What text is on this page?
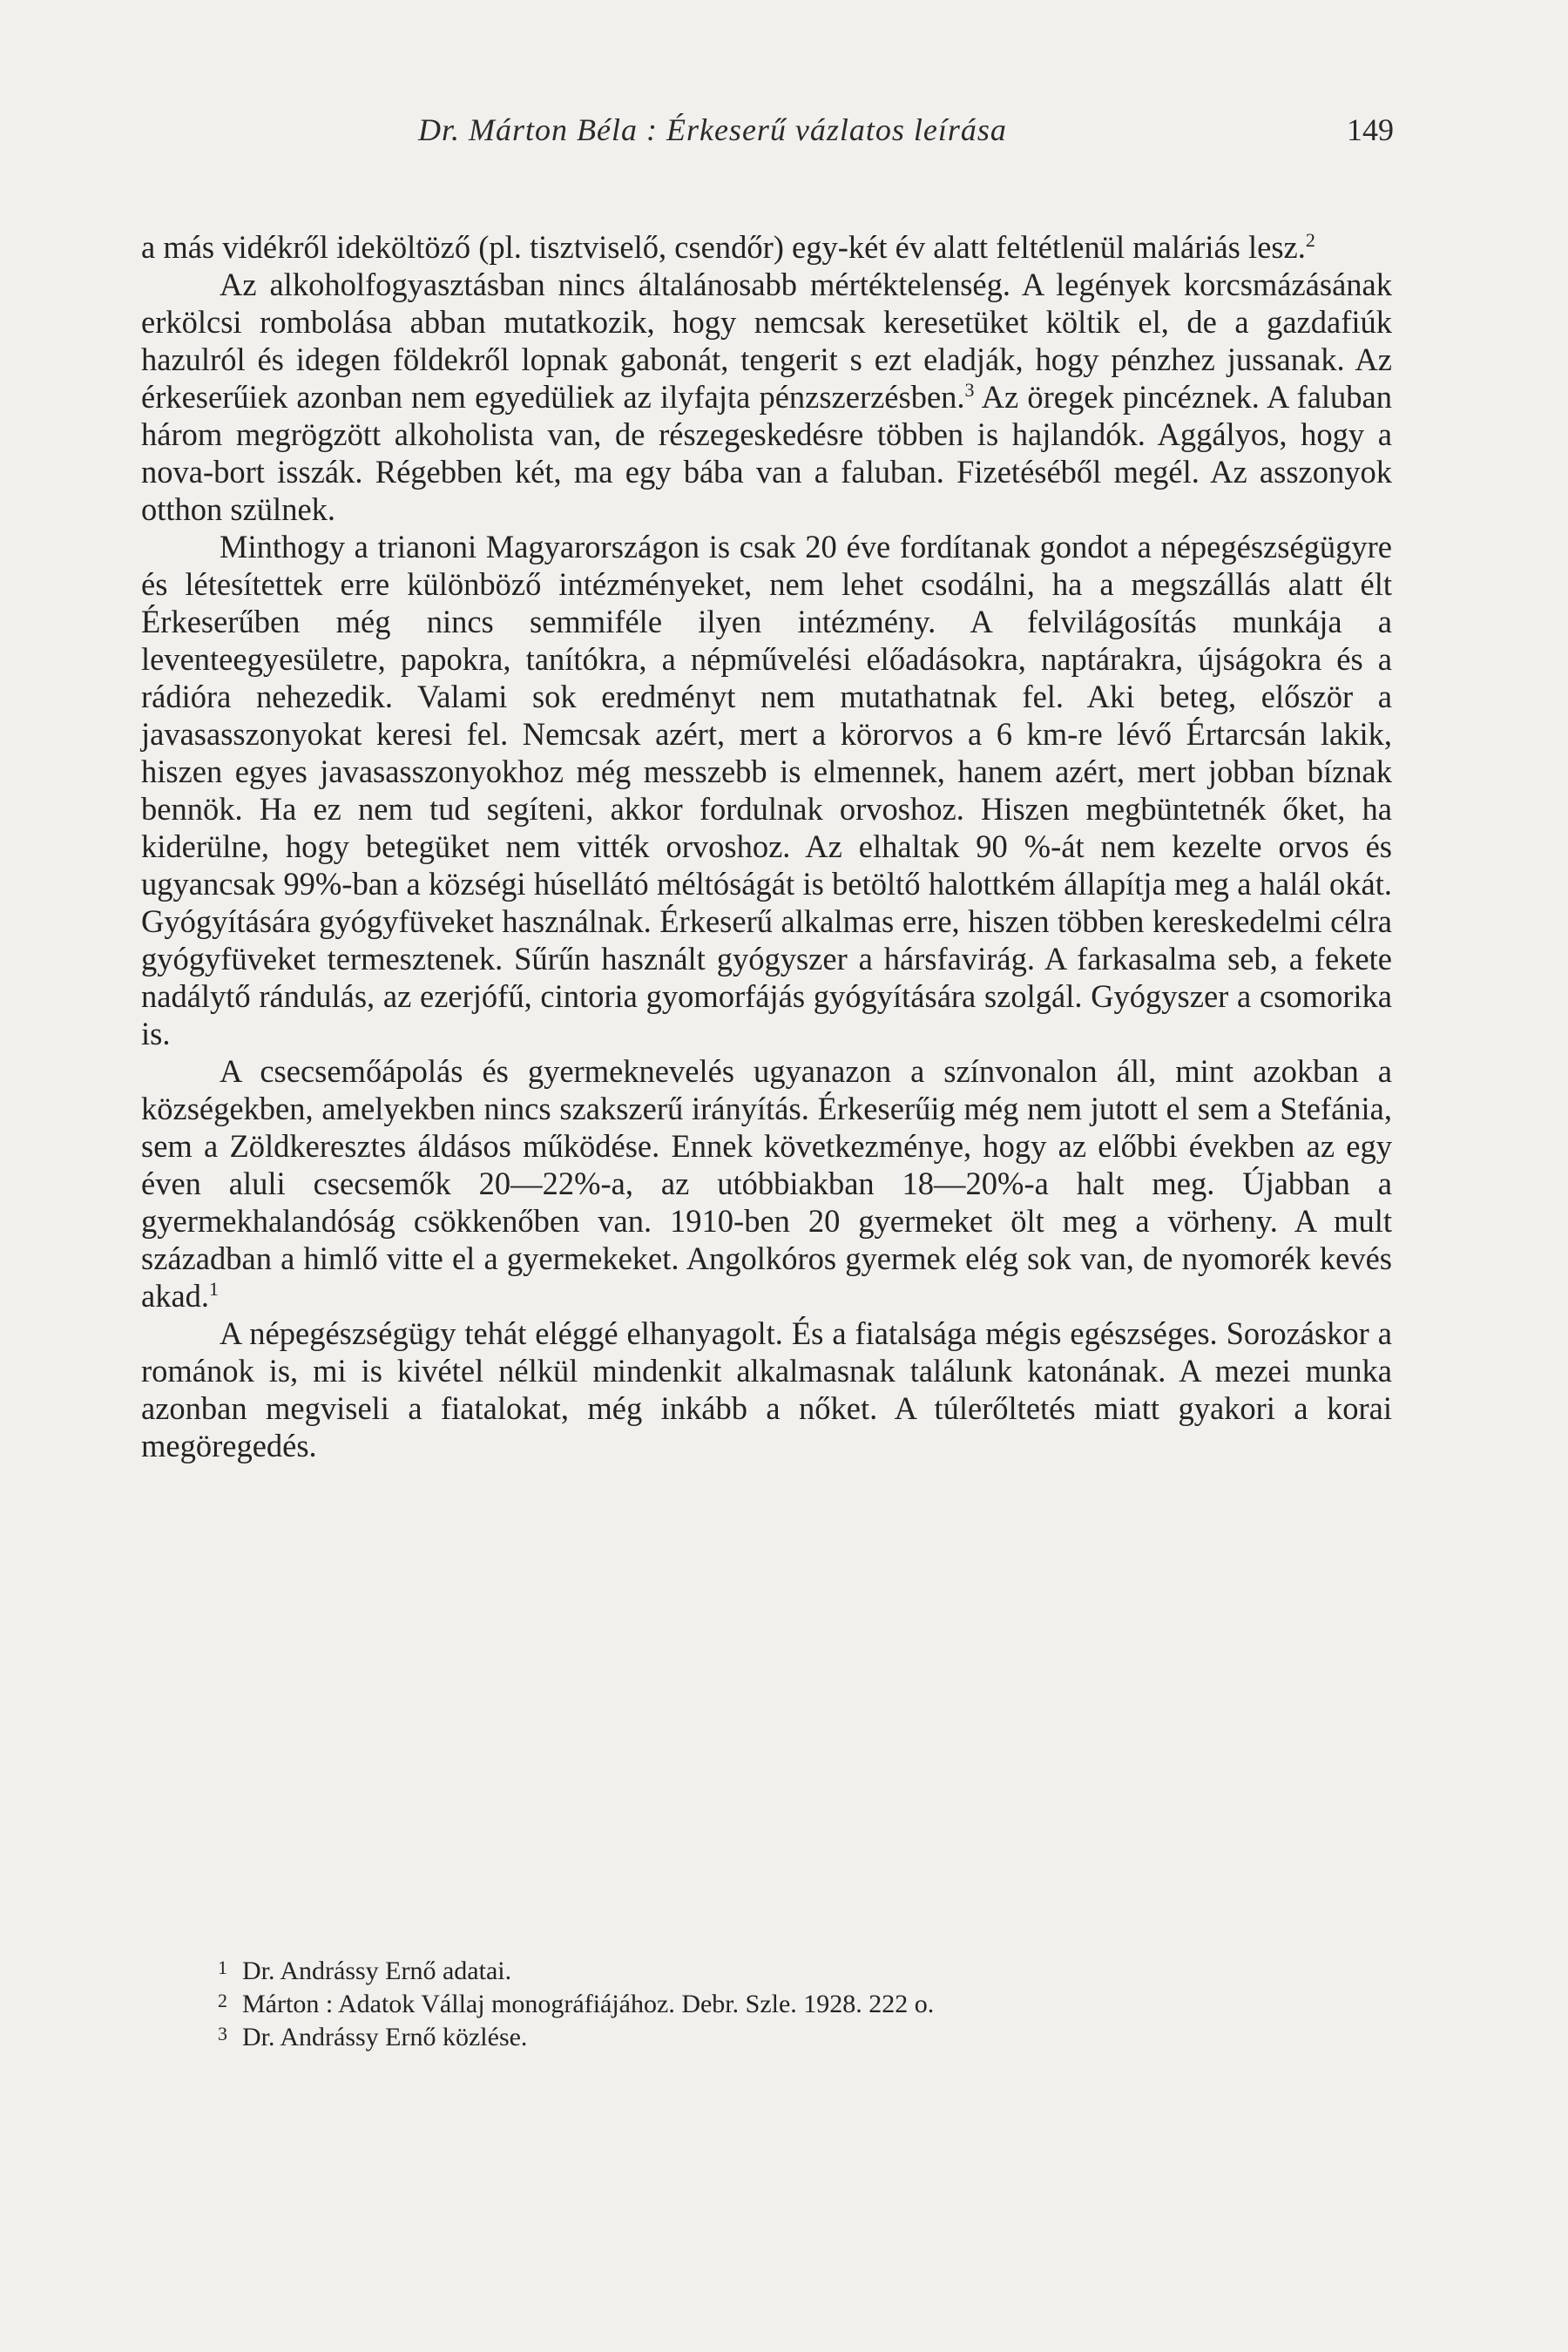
Dr. Márton Béla : Érkeserű vázlatos leírása	149

a más vidékről ideköltöző (pl. tisztviselő, csendőr) egy-két év alatt feltétlenül maláriás lesz.$^2$

Az alkoholfogyasztásban nincs általánosabb mértéktelenség. A legények korcsmázásának erkölcsi rombolása abban mutatkozik, hogy nemcsak keresetüket költik el, de a gazdafiúk hazulról és idegen földekről lopnak gabonát, tengerit s ezt eladják, hogy pénzhez jussanak. Az érkeserűiek azonban nem egyedüliek az ilyfajta pénzszerzésben.$^3$ Az öregek pincéznek. A faluban három megrögzött alkoholista van, de részegeskedésre többen is hajlandók. Aggályos, hogy a nova-bort isszák. Régebben két, ma egy bába van a faluban. Fizetéséből megél. Az asszonyok otthon szülnek.

Minthogy a trianoni Magyarországon is csak 20 éve fordítanak gondot a népegészségügyre és létesítettek erre különböző intézményeket, nem lehet csodálni, ha a megszállás alatt élt Érkeserűben még nincs semmiféle ilyen intézmény. A felvilágosítás munkája a leventeegyesületre, papokra, tanítókra, a népművelési előadásokra, naptárakra, újságokra és a rádióra nehezedik. Valami sok eredményt nem mutathatnak fel. Aki beteg, először a javasasszonyokat keresi fel. Nemcsak azért, mert a körorvos a 6 km-re lévő Értarcsán lakik, hiszen egyes javasasszonyokhoz még messzebb is elmennek, hanem azért, mert jobban bíznak bennök. Ha ez nem tud segíteni, akkor fordulnak orvoshoz. Hiszen megbüntetnék őket, ha kiderülne, hogy betegüket nem vitték orvoshoz. Az elhaltak 90 %-át nem kezelte orvos és ugyancsak 99%-ban a községi húsellátó méltóságát is betöltő halottkém állapítja meg a halál okát. Gyógyítására gyógyfüveket használnak. Érkeserű alkalmas erre, hiszen többen kereskedelmi célra gyógyfüveket termesztenek. Sűrűn használt gyógyszer a hársfavirág. A farkasalma seb, a fekete nadálytő rándulás, az ezerjófű, cintoria gyomorfájás gyógyítására szolgál. Gyógyszer a csomorika is.

A csecsemőápolás és gyermeknevelés ugyanazon a színvonalon áll, mint azokban a községekben, amelyekben nincs szakszerű irányítás. Érkeserűig még nem jutott el sem a Stefánia, sem a Zöldkeresztes áldásos működése. Ennek következménye, hogy az előbbi években az egy éven aluli csecsemők 20—22%-a, az utóbbiakban 18—20%-a halt meg. Újabban a gyermekhalandóság csökkenőben van. 1910-ben 20 gyermeket ölt meg a vörheny. A mult században a himlő vitte el a gyermekeket. Angolkóros gyermek elég sok van, de nyomorék kevés akad.$^1$

A népegészségügy tehát eléggé elhanyagolt. És a fiatalsága mégis egészséges. Sorozáskor a románok is, mi is kivétel nélkül mindenkit alkalmasnak találunk katonának. A mezei munka azonban megviseli a fiatalokat, még inkább a nőket. A túlerőltetés miatt gyakori a korai megöregedés.

1 Dr. Andrássy Ernő adatai.
2 Márton : Adatok Vállaj monográfiájához. Debr. Szle. 1928. 222 o.
3 Dr. Andrássy Ernő közlése.
